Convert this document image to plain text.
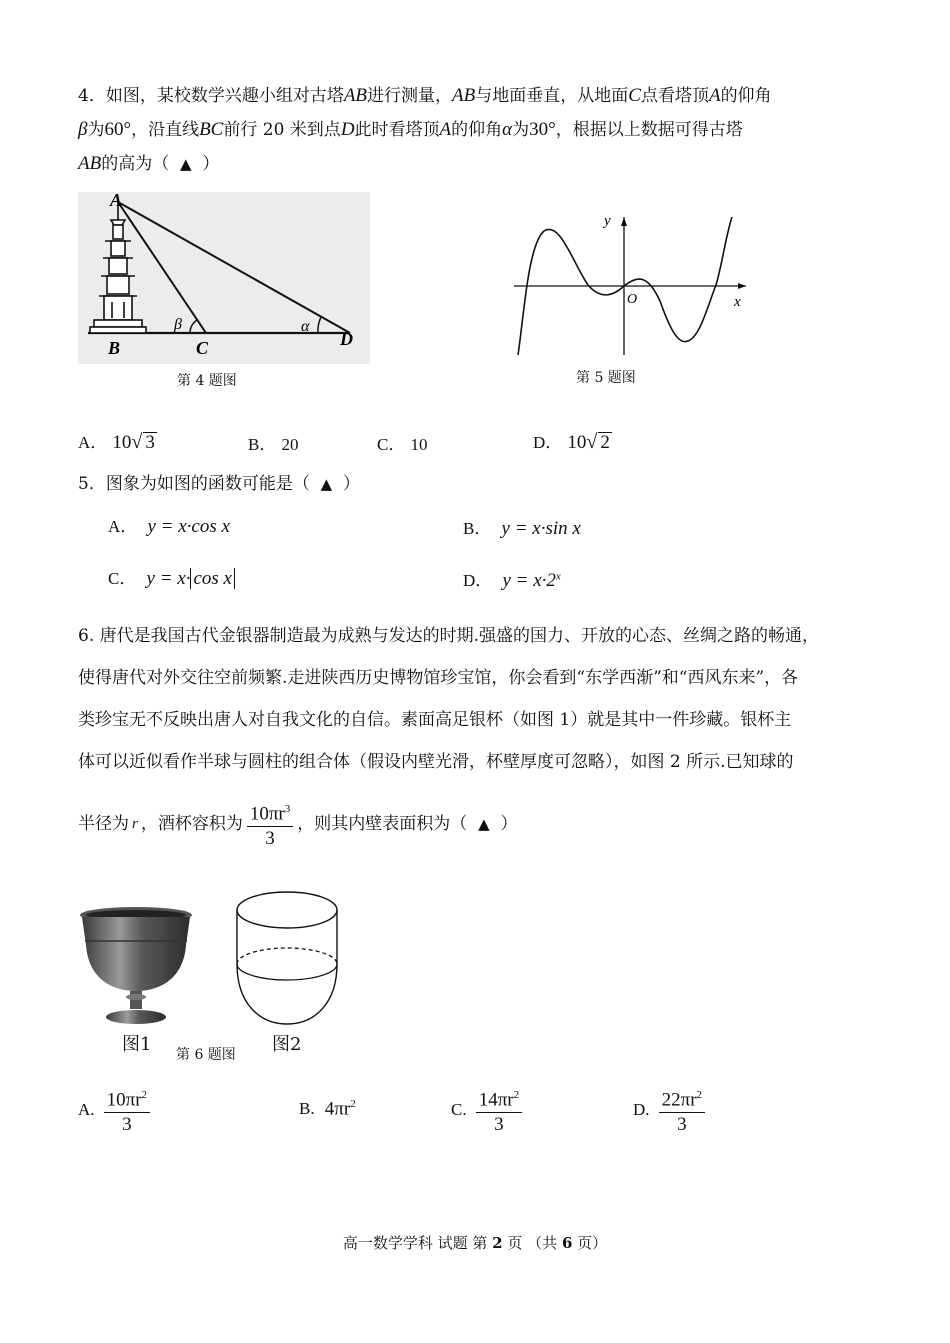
4．如图，某校数学兴趣小组对古塔AB进行测量，AB与地面垂直，从地面C点看塔顶A的仰角
β为60°，沿直线BC前行 20 米到点D此时看塔顶A的仰角α为30°，根据以上数据可得古塔
AB的高为（ ▲ ）
A
B	C	D
β	α
第 4 题图
y
x
O
第 5 题图
A． 10√ 3	B． 20	C． 10	D． 10√ 2
5．图象为如图的函数可能是（ ▲ ）
A． y = x·cos x	B． y = x·sin x
C． y = x· cos x	D． $y = x\cdot 2^x$
6. 唐代是我国古代金银器制造最为成熟与发达的时期.强盛的国力、开放的心态、丝绸之路的畅通，
使得唐代对外交往空前频繁.走进陕西历史博物馆珍宝馆，你会看到“东学西渐”和“西风东来”，各
类珍宝无不反映出唐人对自我文化的自信。素面高足银杯（如图 1）就是其中一件珍藏。银杯主
体可以近似看作半球与圆柱的组合体（假设内壁光滑，杯壁厚度可忽略），如图 2 所示.已知球的
半径为 r ，酒杯容积为 $\frac{10\pi r^3}{3}$ ，则其内壁表面积为（
▲
）
图1	图2
第 6 题图
A.
$\frac{10\pi r^2}{3}$	B.
$4\pi r^2$	C.
$\frac{14\pi r^2}{3}$	D.
$\frac{22\pi r^2}{3}$
高一数学学科 试题 第 2 页 （共 6 页）
